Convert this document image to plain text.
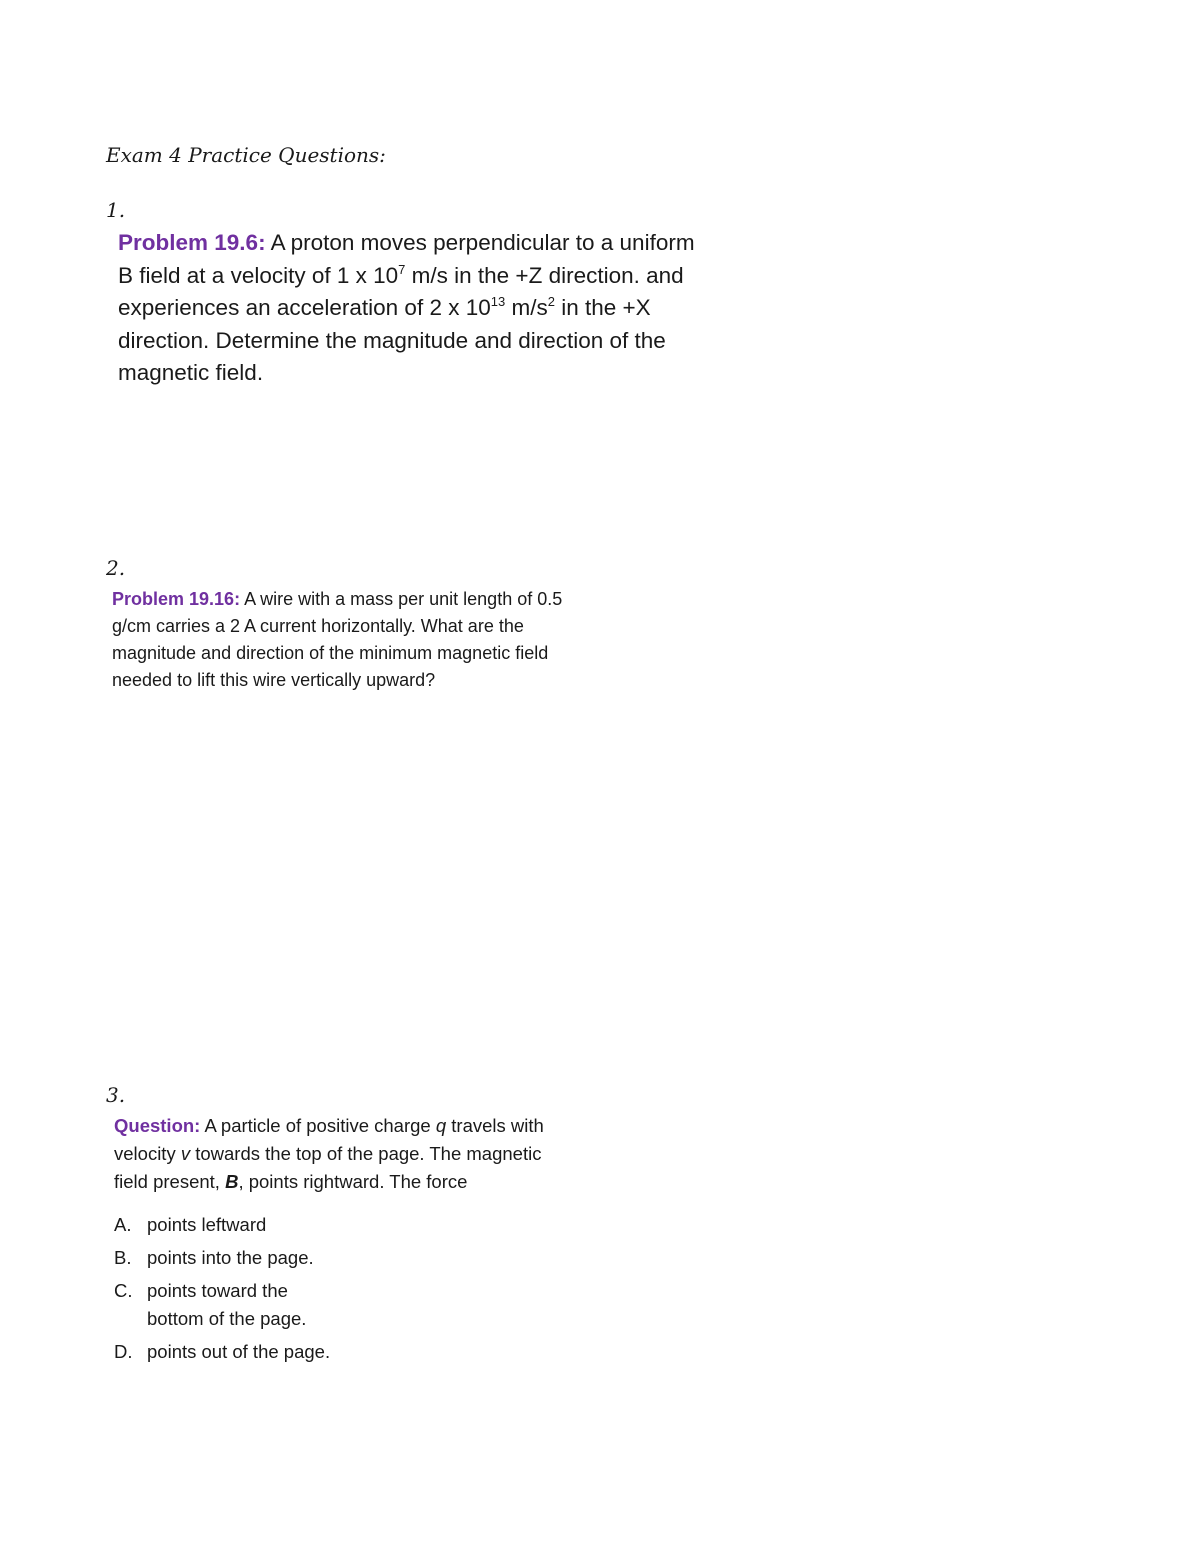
Exam 4 Practice Questions:
1.
Problem 19.6: A proton moves perpendicular to a uniform
B field at a velocity of 1 x $10^7$ m/s in the +Z direction. and
experiences an acceleration of 2 x $10^{13}$ $m/s^2$ in the +X
direction. Determine the magnitude and direction of the
magnetic field.
2.
Problem 19.16: A wire with a mass per unit length of 0.5
g/cm carries a 2 A current horizontally. What are the
magnitude and direction of the minimum magnetic field
needed to lift this wire vertically upward?
3.
Question: A particle of positive charge q travels with
velocity v towards the top of the page. The magnetic
field present, B, points rightward. The force
A. points leftward
B. points into the page.
C. points toward the
bottom of the page.
D. points out of the page.
